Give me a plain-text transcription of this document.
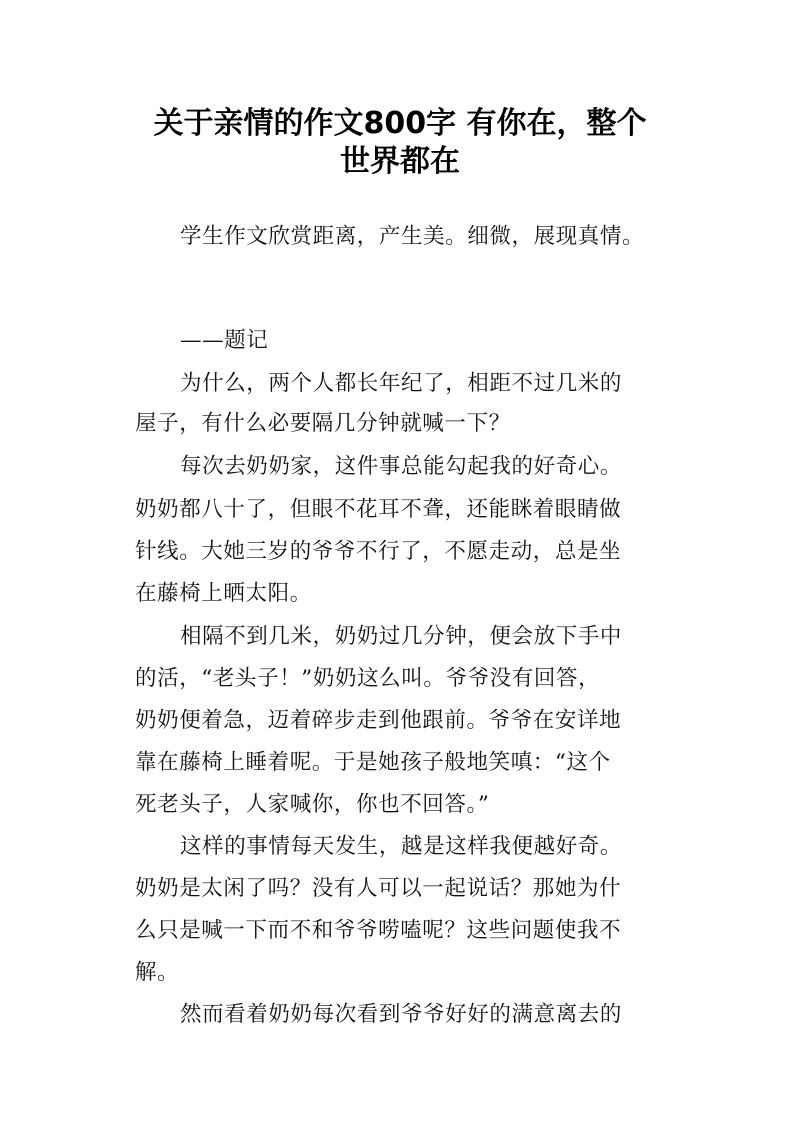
关于亲情的作文800字 有你在，整个
世界都在
学生作文欣赏距离，产生美。细微，展现真情。
——题记
为什么，两个人都长年纪了，相距不过几米的
屋子，有什么必要隔几分钟就喊一下？
每次去奶奶家，这件事总能勾起我的好奇心。
奶奶都八十了，但眼不花耳不聋，还能眯着眼睛做
针线。大她三岁的爷爷不行了，不愿走动，总是坐
在藤椅上晒太阳。
相隔不到几米，奶奶过几分钟，便会放下手中
的活，“老头子！”奶奶这么叫。爷爷没有回答，
奶奶便着急，迈着碎步走到他跟前。爷爷在安详地
靠在藤椅上睡着呢。于是她孩子般地笑嗔：“这个
死老头子，人家喊你，你也不回答。”
这样的事情每天发生，越是这样我便越好奇。
奶奶是太闲了吗？没有人可以一起说话？那她为什
么只是喊一下而不和爷爷唠嗑呢？这些问题使我不
解。
然而看着奶奶每次看到爷爷好好的满意离去的
